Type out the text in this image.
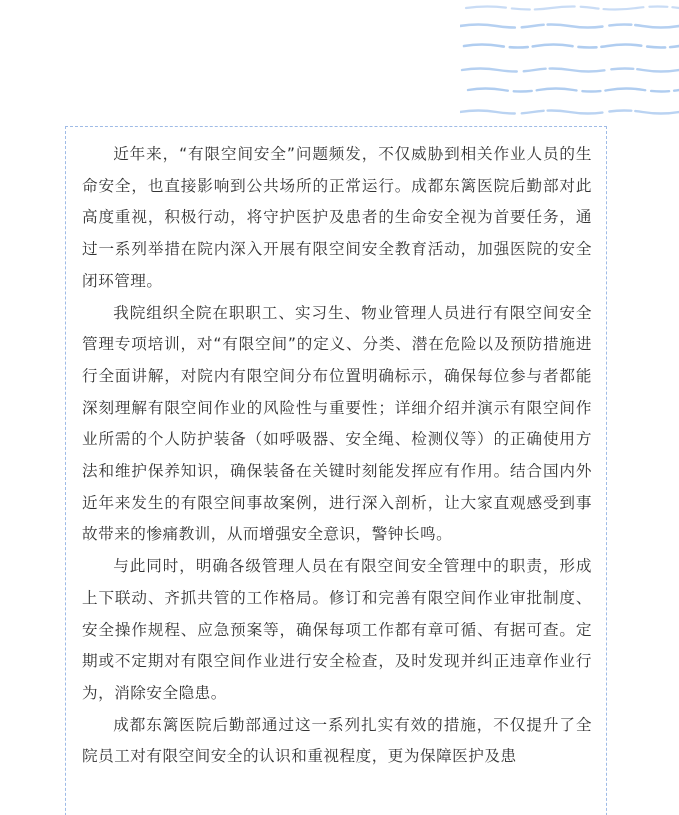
近年来，“有限空间安全”问题频发，不仅威胁到相关作业人员的生命安全，也直接影响到公共场所的正常运行。成都东篱医院后勤部对此高度重视，积极行动，将守护医护及患者的生命安全视为首要任务，通过一系列举措在院内深入开展有限空间安全教育活动，加强医院的安全闭环管理。

我院组织全院在职职工、实习生、物业管理人员进行有限空间安全管理专项培训，对“有限空间”的定义、分类、潜在危险以及预防措施进行全面讲解，对院内有限空间分布位置明确标示，确保每位参与者都能深刻理解有限空间作业的风险性与重要性；详细介绍并演示有限空间作业所需的个人防护装备（如呼吸器、安全绳、检测仪等）的正确使用方法和维护保养知识，确保装备在关键时刻能发挥应有作用。结合国内外近年来发生的有限空间事故案例，进行深入剖析，让大家直观感受到事故带来的惨痛教训，从而增强安全意识，警钟长鸣。

与此同时，明确各级管理人员在有限空间安全管理中的职责，形成上下联动、齐抓共管的工作格局。修订和完善有限空间作业审批制度、安全操作规程、应急预案等，确保每项工作都有章可循、有据可查。定期或不定期对有限空间作业进行安全检查，及时发现并纠正违章作业行为，消除安全隐患。

成都东篱医院后勤部通过这一系列扎实有效的措施，不仅提升了全院员工对有限空间安全的认识和重视程度，更为保障医护及患
